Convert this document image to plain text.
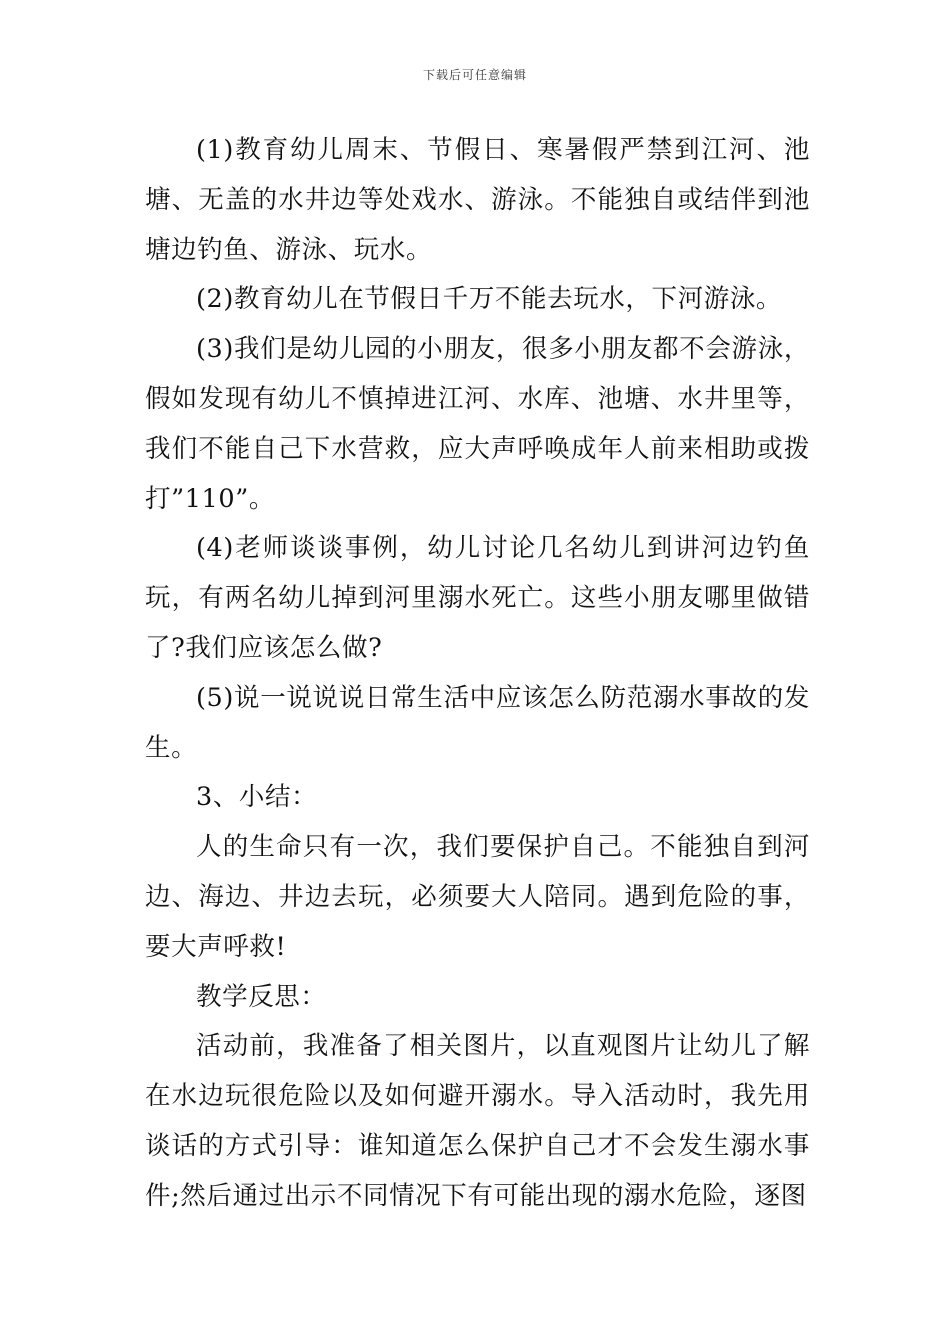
下载后可任意编辑

(1)教育幼儿周末、节假日、寒暑假严禁到江河、池塘、无盖的水井边等处戏水、游泳。不能独自或结伴到池塘边钓鱼、游泳、玩水。

(2)教育幼儿在节假日千万不能去玩水，下河游泳。

(3)我们是幼儿园的小朋友，很多小朋友都不会游泳，假如发现有幼儿不慎掉进江河、水库、池塘、水井里等，我们不能自己下水营救，应大声呼唤成年人前来相助或拨打”110”。

(4)老师谈谈事例，幼儿讨论几名幼儿到讲河边钓鱼玩，有两名幼儿掉到河里溺水死亡。这些小朋友哪里做错了?我们应该怎么做?

(5)说一说说说日常生活中应该怎么防范溺水事故的发生。

3、小结：

人的生命只有一次，我们要保护自己。不能独自到河边、海边、井边去玩，必须要大人陪同。遇到危险的事，要大声呼救!

教学反思：

活动前，我准备了相关图片，以直观图片让幼儿了解在水边玩很危险以及如何避开溺水。导入活动时，我先用谈话的方式引导：谁知道怎么保护自己才不会发生溺水事件;然后通过出示不同情况下有可能出现的溺水危险，逐图
